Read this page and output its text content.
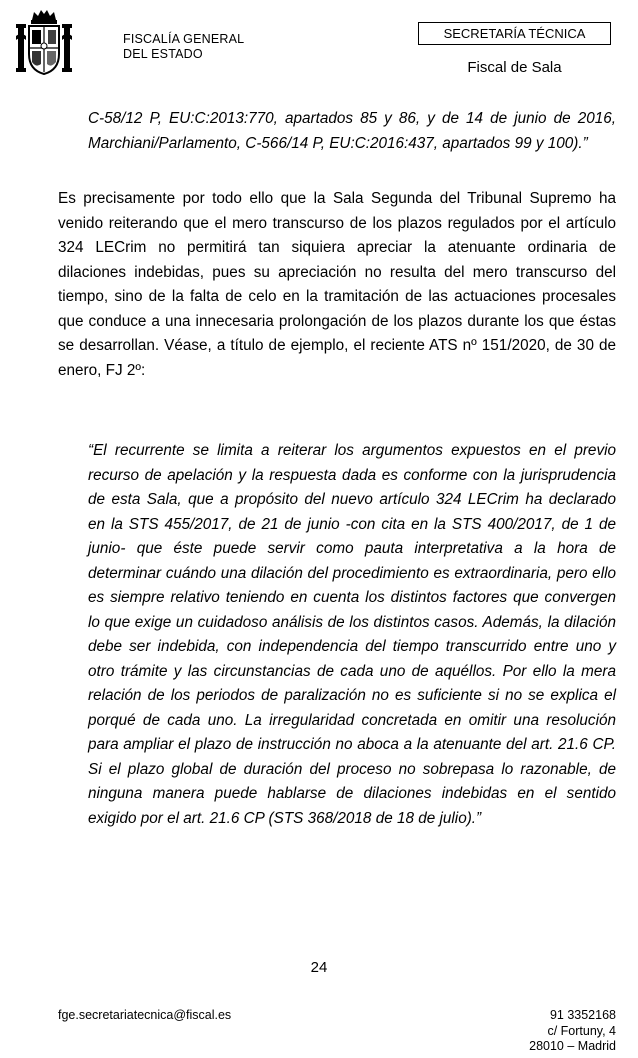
FISCALÍA GENERAL
DEL ESTADO
SECRETARÍA TÉCNICA
Fiscal de Sala
C-58/12 P, EU:C:2013:770, apartados 85 y 86, y de 14 de junio de 2016,
Marchiani/Parlamento, C-566/14 P, EU:C:2016:437, apartados 99 y 100).”
Es precisamente por todo ello que la Sala Segunda del Tribunal Supremo ha
venido reiterando que el mero transcurso de los plazos regulados por el artículo
324 LECrim no permitirá tan siquiera apreciar la atenuante ordinaria de
dilaciones indebidas, pues su apreciación no resulta del mero transcurso del
tiempo, sino de la falta de celo en la tramitación de las actuaciones procesales
que conduce a una innecesaria prolongación de los plazos durante los que éstas
se desarrollan. Véase, a título de ejemplo, el reciente ATS nº 151/2020, de 30 de
enero, FJ 2º:
“El recurrente se limita a reiterar los argumentos expuestos en el previo
recurso de apelación y la respuesta dada es conforme con la jurisprudencia
de esta Sala, que a propósito del nuevo artículo 324 LECrim ha declarado
en la STS 455/2017, de 21 de junio -con cita en la STS 400/2017, de 1 de
junio- que éste puede servir como pauta interpretativa a la hora de
determinar cuándo una dilación del procedimiento es extraordinaria, pero ello
es siempre relativo teniendo en cuenta los distintos factores que convergen
lo que exige un cuidadoso análisis de los distintos casos. Además, la dilación
debe ser indebida, con independencia del tiempo transcurrido entre uno y
otro trámite y las circunstancias de cada uno de aquéllos. Por ello la mera
relación de los periodos de paralización no es suficiente si no se explica el
porqué de cada uno. La irregularidad concretada en omitir una resolución
para ampliar el plazo de instrucción no aboca a la atenuante del art. 21.6 CP.
Si el plazo global de duración del proceso no sobrepasa lo razonable, de
ninguna manera puede hablarse de dilaciones indebidas en el sentido
exigido por el art. 21.6 CP (STS 368/2018 de 18 de julio).”
24
fge.secretariatecnica@fiscal.es	91 3352168
c/ Fortuny, 4
28010 – Madrid
